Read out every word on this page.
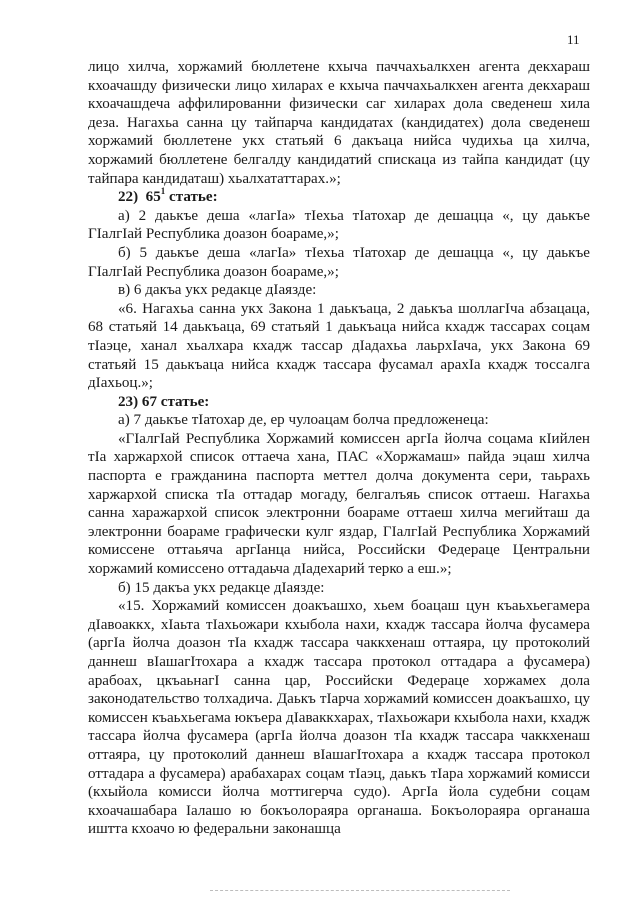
11

лицо хилча, хоржамий бюллетене кхыча паччахьалкхен агента декхараш кхоачашду физически лицо хиларах е кхыча паччахьалкхен агента декхараш кхоачашдеча аффилированни физически саг хиларах дола сведенеш хила деза. Нагахьа санна цу тайпарча кандидатах (кандидатех) дола сведенеш хоржамий бюллетене укх статьяй 6 дакъаца нийса чудихьа ца хилча, хоржамий бюллетене белгалду кандидатий спискаца из тайпа кандидат (цу тайпара кандидаташ) хьалхататтарах.»;

22) $65^1$ статье:

а) 2 даькъе деша «лагIа» тIехьа тIатохар де дешацца «, цу даькъе ГIалгIай Республика доазон боараме,»;

б) 5 даькъе деша «лагIа» тIехьа тIатохар де дешацца «, цу даькъе ГIалгIай Республика доазон боараме,»;

в) 6 дакъа укх редакце дIаязде:

«6. Нагахьа санна укх Закона 1 даькъаца, 2 даькъа шоллагIча абзацаца, 68 статьяй 14 даькъаца, 69 статьяй 1 даькъаца нийса кхадж тассарах соцам тIаэце, ханал хьалхара кхадж тассар дIадахьа лаьрхIача, укх Закона 69 статьяй 15 даькъаца нийса кхадж тассара фусамал арахIа кхадж тоссалга дIахьоц.»;

23) 67 статье:

а) 7 даькъе тIатохар де, ер чулоацам болча предложенеца:

«ГIалгIай Республика Хоржамий комиссен аргIа йолча соцама кIийлен тIа харжархой список оттаеча хана, ПАС «Хоржамаш» пайда эцаш хилча паспорта е гражданина паспорта меттел долча документа сери, таьрахь харжархой списка тIа оттадар могаду, белгалъяь список оттаеш. Нагахьа санна харажархой список электронни боараме оттаеш хилча мегийташ да электронни боараме графически кулг яздар, ГIалгIай Республика Хоржамий комиссене оттаьяча аргIанца нийса, Российски Федераце Центральни хоржамий комиссено оттадаьча дIадехарий терко а еш.»;

б) 15 дакъа укх редакце дIаязде:

«15. Хоржамий комиссен доакъашхо, хьем боацаш цун къаьхьегамера дIавоаккх, хIаьта тIахьожари кхыбола нахи, кхадж тассара йолча фусамера (аргIа йолча доазон тIа кхадж тассара чаккхенаш оттаяра, цу протоколий даннеш вIашагIтохара а кхадж тассара протокол оттадара а фусамера) арабоах, цкъаьнагI санна цар, Российски Федераце хоржамех дола законодательство толхадича. Даькъ тIарча хоржамий комиссен доакъашхо, цу комиссен къаьхьегама юкъера дIаваккхарах, тIахьожари кхыбола нахи, кхадж тассара йолча фусамера (аргIа йолча доазон тIа кхадж тассара чаккхенаш оттаяра, цу протоколий даннеш вIашагIтохара а кхадж тассара протокол оттадара а фусамера) арабахарах соцам тIаэц, даькъ тIара хоржамий комисси (кхыйола комисси йолча моттигерча судо). АргIа йола судебни соцам кхоачашабара Iалашо ю бокъолораяра органаша. Бокъолораяра органаша иштта кхоачо ю федеральни законашца
